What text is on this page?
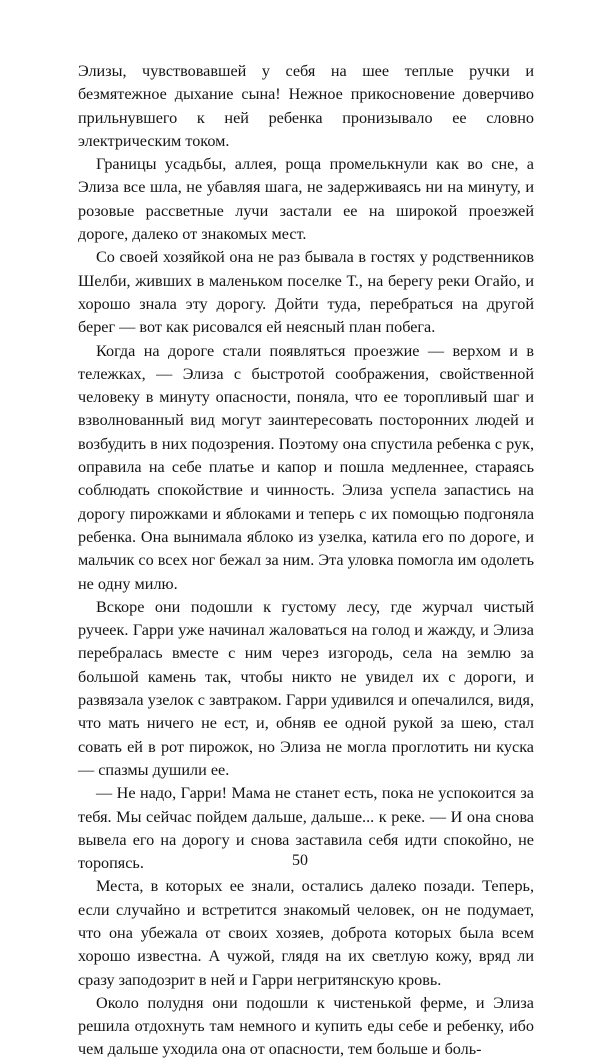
Элизы, чувствовавшей у себя на шее теплые ручки и безмятежное дыхание сына! Нежное прикосновение доверчиво прильнувшего к ней ребенка пронизывало ее словно электрическим током.

Границы усадьбы, аллея, роща промелькнули как во сне, а Элиза все шла, не убавляя шага, не задерживаясь ни на минуту, и розовые рассветные лучи застали ее на широкой проезжей дороге, далеко от знакомых мест.

Со своей хозяйкой она не раз бывала в гостях у родственников Шелби, живших в маленьком поселке Т., на берегу реки Огайо, и хорошо знала эту дорогу. Дойти туда, перебраться на другой берег — вот как рисовался ей неясный план побега.

Когда на дороге стали появляться проезжие — верхом и в тележках, — Элиза с быстротой соображения, свойственной человеку в минуту опасности, поняла, что ее торопливый шаг и взволнованный вид могут заинтересовать посторонних людей и возбудить в них подозрения. Поэтому она спустила ребенка с рук, оправила на себе платье и капор и пошла медленнее, стараясь соблюдать спокойствие и чинность. Элиза успела запастись на дорогу пирожками и яблоками и теперь с их помощью подгоняла ребенка. Она вынимала яблоко из узелка, катила его по дороге, и мальчик со всех ног бежал за ним. Эта уловка помогла им одолеть не одну милю.

Вскоре они подошли к густому лесу, где журчал чистый ручеек. Гарри уже начинал жаловаться на голод и жажду, и Элиза перебралась вместе с ним через изгородь, села на землю за большой камень так, чтобы никто не увидел их с дороги, и развязала узелок с завтраком. Гарри удивился и опечалился, видя, что мать ничего не ест, и, обняв ее одной рукой за шею, стал совать ей в рот пирожок, но Элиза не могла проглотить ни куска — спазмы душили ее.

— Не надо, Гарри! Мама не станет есть, пока не успокоится за тебя. Мы сейчас пойдем дальше, дальше... к реке. — И она снова вывела его на дорогу и снова заставила себя идти спокойно, не торопясь.

Места, в которых ее знали, остались далеко позади. Теперь, если случайно и встретится знакомый человек, он не подумает, что она убежала от своих хозяев, доброта которых была всем хорошо известна. А чужой, глядя на их светлую кожу, вряд ли сразу заподозрит в ней и Гарри негритянскую кровь.

Около полудня они подошли к чистенькой ферме, и Элиза решила отдохнуть там немного и купить еды себе и ребенку, ибо чем дальше уходила она от опасности, тем больше и боль-

50
